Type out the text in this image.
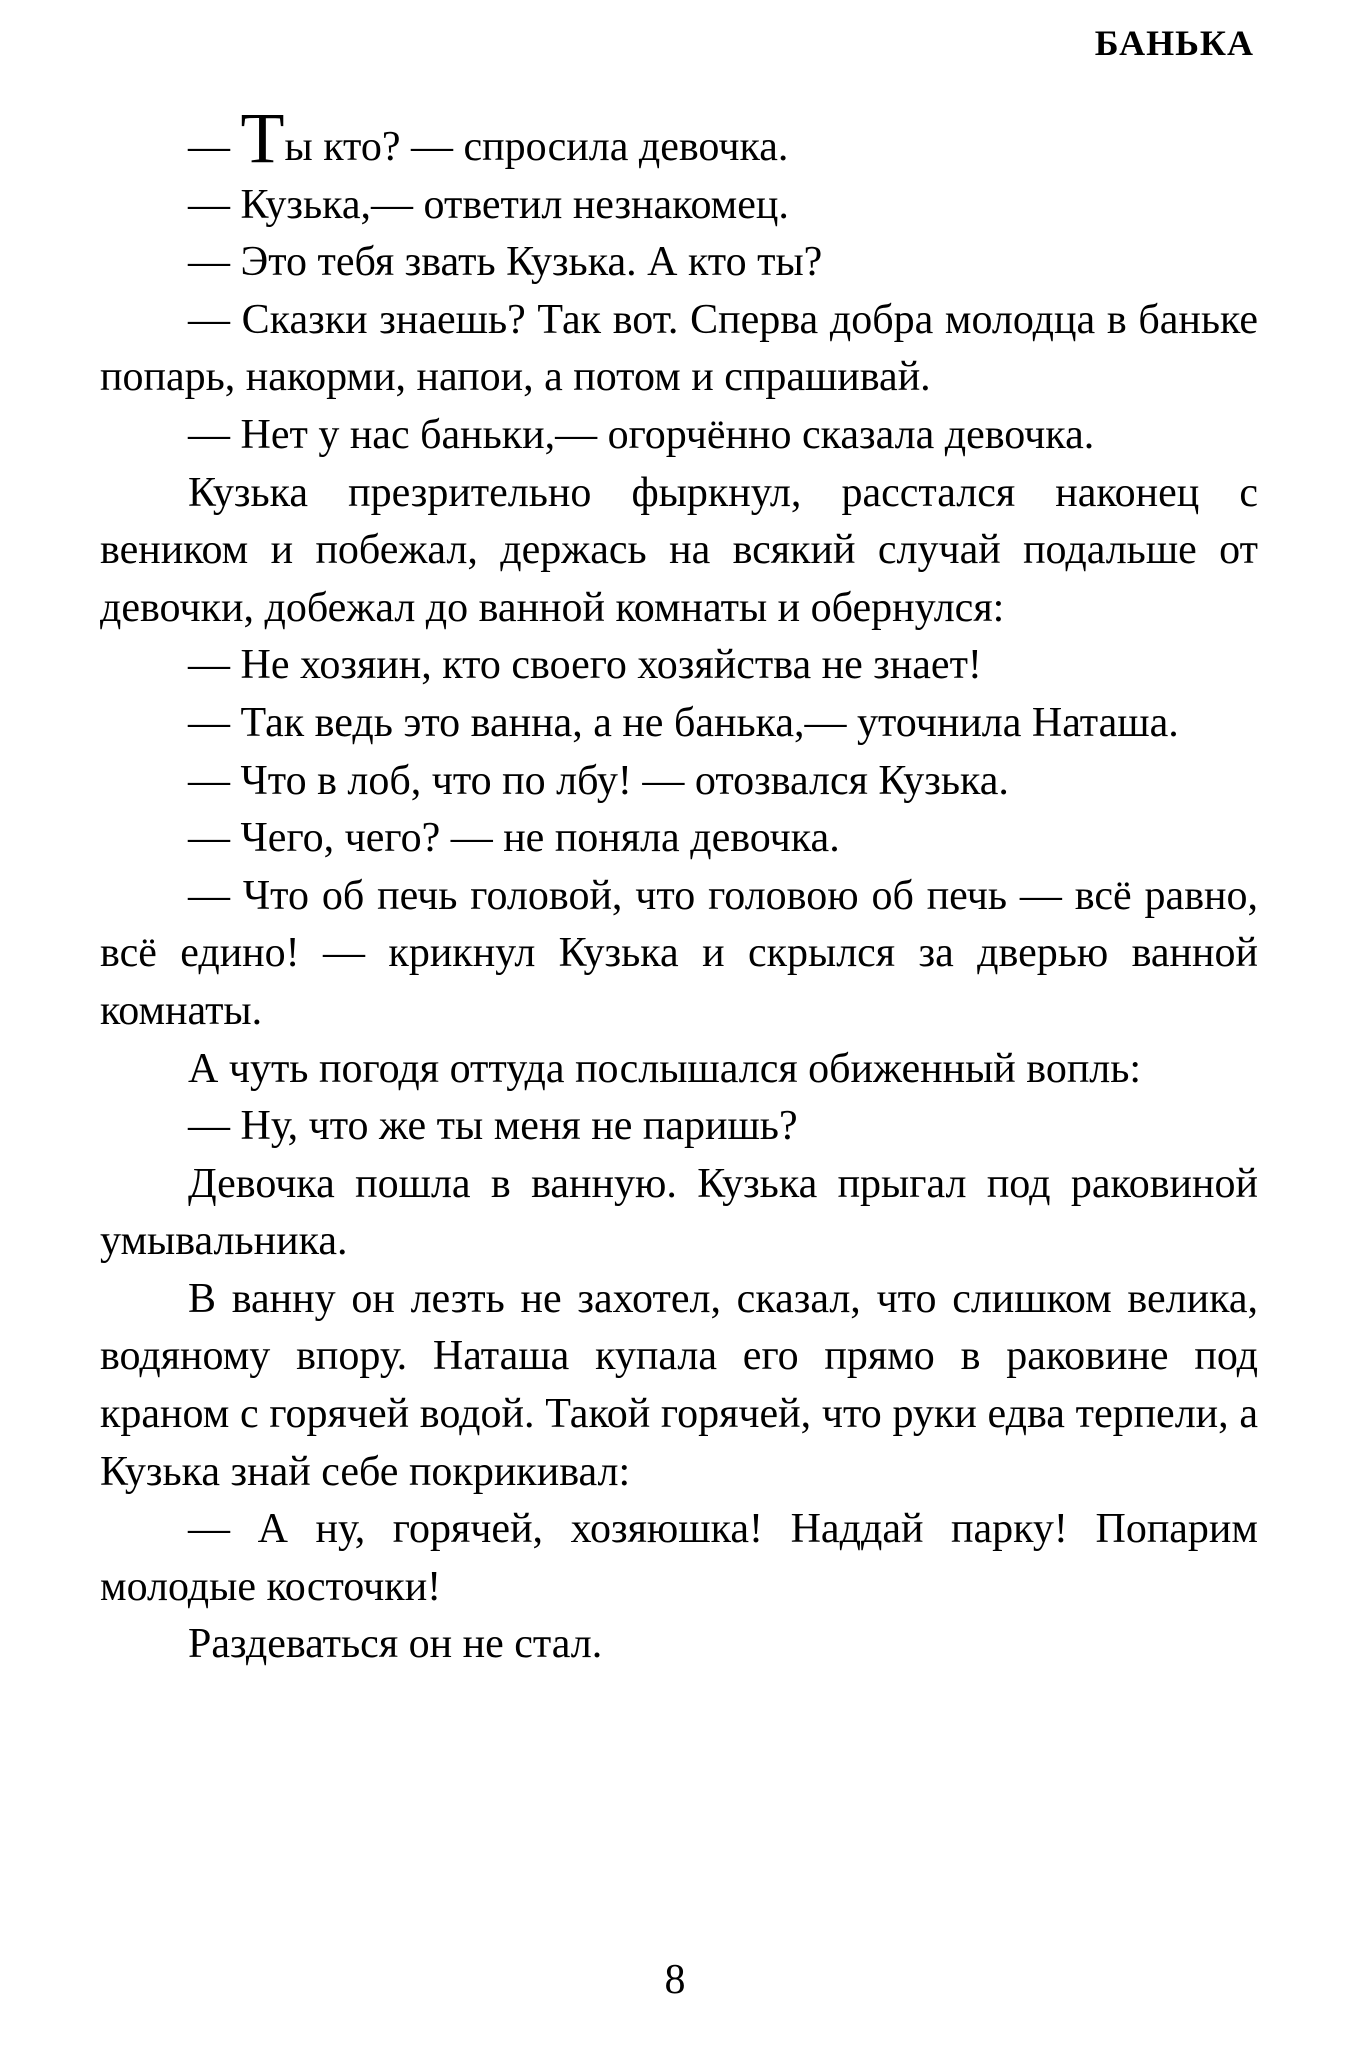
БАНЬКА

— Ты кто? — спросила девочка.

— Кузька,— ответил незнакомец.

— Это тебя звать Кузька. А кто ты?

— Сказки знаешь? Так вот. Сперва добра молодца в баньке попарь, накорми, напои, а потом и спрашивай.

— Нет у нас баньки,— огорчённо сказала девочка.

Кузька презрительно фыркнул, расстался наконец с веником и побежал, держась на всякий случай подальше от девочки, добежал до ванной комнаты и обернулся:

— Не хозяин, кто своего хозяйства не знает!

— Так ведь это ванна, а не банька,— уточнила Наташа.

— Что в лоб, что по лбу! — отозвался Кузька.

— Чего, чего? — не поняла девочка.

— Что об печь головой, что головою об печь — всё равно, всё едино! — крикнул Кузька и скрылся за дверью ванной комнаты.

А чуть погодя оттуда послышался обиженный вопль:

— Ну, что же ты меня не паришь?

Девочка пошла в ванную. Кузька прыгал под раковиной умывальника.

В ванну он лезть не захотел, сказал, что слишком велика, водяному впору. Наташа купала его прямо в раковине под краном с горячей водой. Такой горячей, что руки едва терпели, а Кузька знай себе покрикивал:

— А ну, горячей, хозяюшка! Наддай парку! Попарим молодые косточки!

Раздеваться он не стал.

8
